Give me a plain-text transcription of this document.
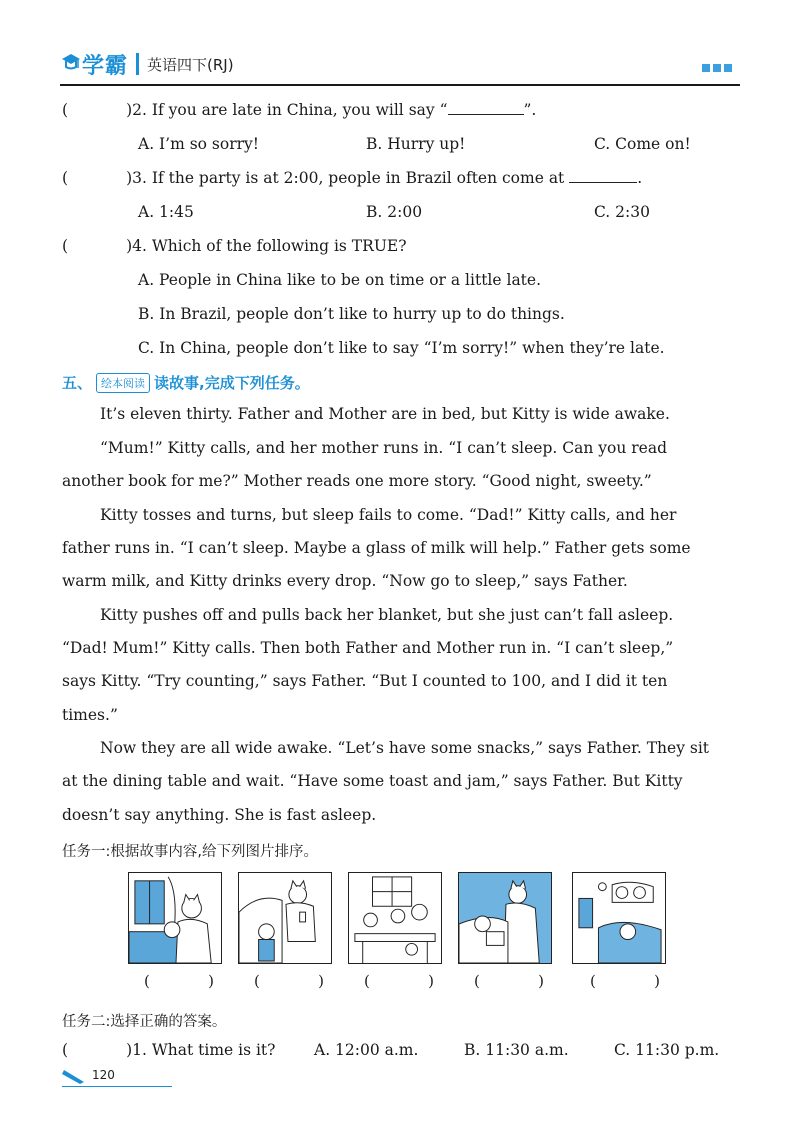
学霸 英语四下(RJ)
(	)2. If you are late in China, you will say “	”.
A. I’m so sorry!	B. Hurry up!	C. Come on!
(	)3. If the party is at 2:00, people in Brazil often come at	.
A. 1:45	B. 2:00	C. 2:30
(	)4. Which of the following is TRUE?
A. People in China like to be on time or a little late.
B. In Brazil, people don’t like to hurry up to do things.
C. In China, people don’t like to say “I’m sorry!” when they’re late.
五、 绘本阅读 读故事,完成下列任务。
It’s eleven thirty. Father and Mother are in bed, but Kitty is wide awake.
“Mum!” Kitty calls, and her mother runs in. “I can’t sleep. Can you read
another book for me?” Mother reads one more story. “Good night, sweety.”
Kitty tosses and turns, but sleep fails to come. “Dad!” Kitty calls, and her
father runs in. “I can’t sleep. Maybe a glass of milk will help.” Father gets some
warm milk, and Kitty drinks every drop. “Now go to sleep,” says Father.
Kitty pushes off and pulls back her blanket, but she just can’t fall asleep.
“Dad! Mum!” Kitty calls. Then both Father and Mother run in. “I can’t sleep,”
says Kitty. “Try counting,” says Father. “But I counted to 100, and I did it ten
times.”
Now they are all wide awake. “Let’s have some snacks,” says Father. They sit
at the dining table and wait. “Have some toast and jam,” says Father. But Kitty
doesn’t say anything. She is fast asleep.
任务一:根据故事内容,给下列图片排序。
(	)	(	)	(	)	(	)	(	)
任务二:选择正确的答案。
(	)1. What time is it? A. 12:00 a.m.	B. 11:30 a.m.	C. 11:30 p.m.
120
